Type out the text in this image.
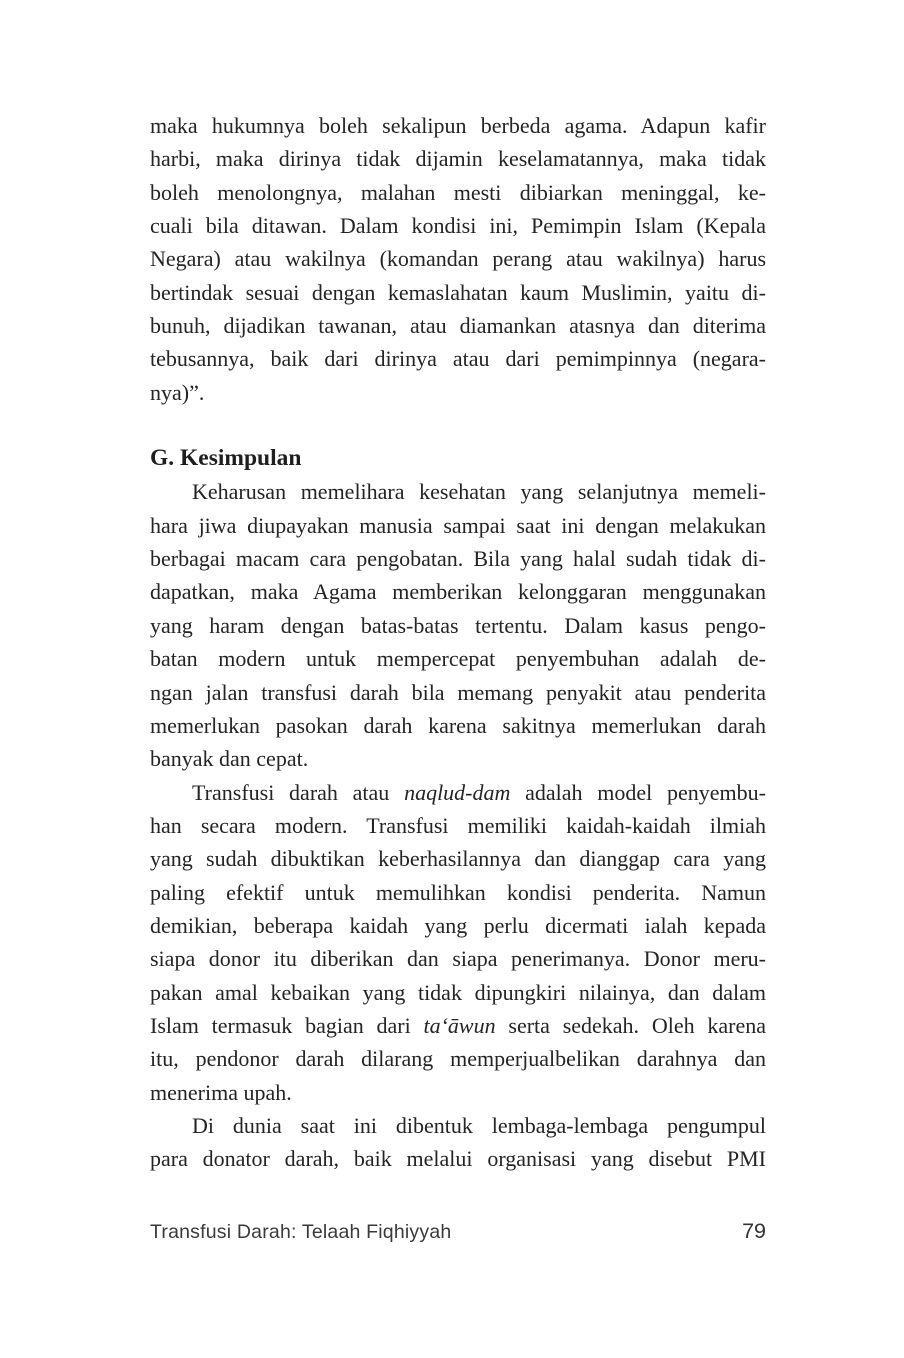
maka hukumnya boleh sekalipun berbeda agama. Adapun kafir
harbi, maka dirinya tidak dijamin keselamatannya, maka tidak
boleh menolongnya, malahan mesti dibiarkan meninggal, ke-
cuali bila ditawan. Dalam kondisi ini, Pemimpin Islam (Kepala
Negara) atau wakilnya (komandan perang atau wakilnya) harus
bertindak sesuai dengan kemaslahatan kaum Muslimin, yaitu di-
bunuh, dijadikan tawanan, atau diamankan atasnya dan diterima
tebusannya, baik dari dirinya atau dari pemimpinnya (negara-
nya)”.
G. Kesimpulan
Keharusan memelihara kesehatan yang selanjutnya memeli-
hara jiwa diupayakan manusia sampai saat ini dengan melakukan
berbagai macam cara pengobatan. Bila yang halal sudah tidak di-
dapatkan, maka Agama memberikan kelonggaran menggunakan
yang haram dengan batas-batas tertentu. Dalam kasus pengo-
batan modern untuk mempercepat penyembuhan adalah de-
ngan jalan transfusi darah bila memang penyakit atau penderita
memerlukan pasokan darah karena sakitnya memerlukan darah
banyak dan cepat.
Transfusi darah atau naqlud-dam adalah model penyembu-
han secara modern. Transfusi memiliki kaidah-kaidah ilmiah
yang sudah dibuktikan keberhasilannya dan dianggap cara yang
paling efektif untuk memulihkan kondisi penderita. Namun
demikian, beberapa kaidah yang perlu dicermati ialah kepada
siapa donor itu diberikan dan siapa penerimanya. Donor meru-
pakan amal kebaikan yang tidak dipungkiri nilainya, dan dalam
Islam termasuk bagian dari ta‘āwun serta sedekah. Oleh karena
itu, pendonor darah dilarang memperjualbelikan darahnya dan
menerima upah.
Di dunia saat ini dibentuk lembaga-lembaga pengumpul
para donator darah, baik melalui organisasi yang disebut PMI
Transfusi Darah: Telaah Fiqhiyyah	79
